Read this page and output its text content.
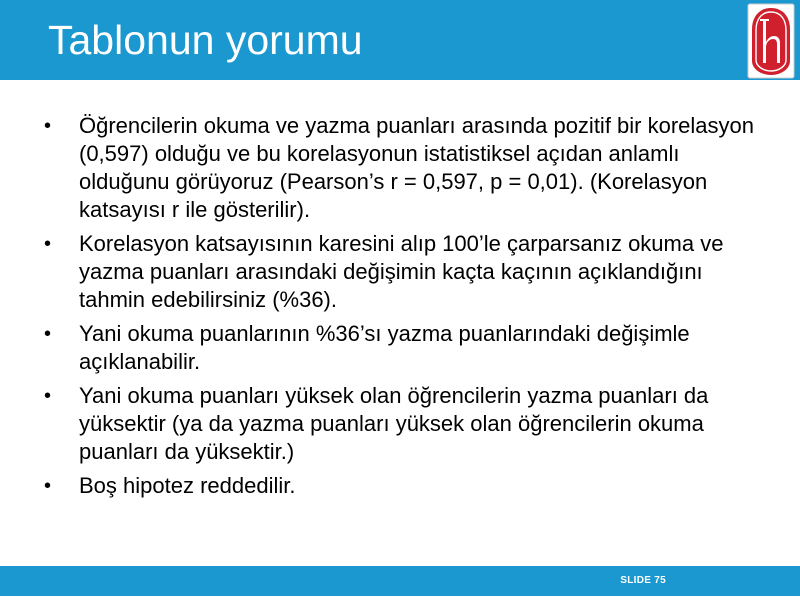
Tablonun yorumu
• Öğrencilerin okuma ve yazma puanları arasında pozitif bir korelasyon (0,597) olduğu ve bu korelasyonun istatistiksel açıdan anlamlı olduğunu görüyoruz (Pearson’s r = 0,597, p = 0,01). (Korelasyon katsayısı r ile gösterilir).
• Korelasyon katsayısının karesini alıp 100’le çarparsanız okuma ve yazma puanları arasındaki değişimin kaçta kaçının açıklandığını tahmin edebilirsiniz (%36).
• Yani okuma puanlarının %36’sı yazma puanlarındaki değişimle açıklanabilir.
• Yani okuma puanları yüksek olan öğrencilerin yazma puanları da yüksektir (ya da yazma puanları yüksek olan öğrencilerin okuma puanları da yüksektir.)
• Boş hipotez reddedilir.
SLIDE 75
